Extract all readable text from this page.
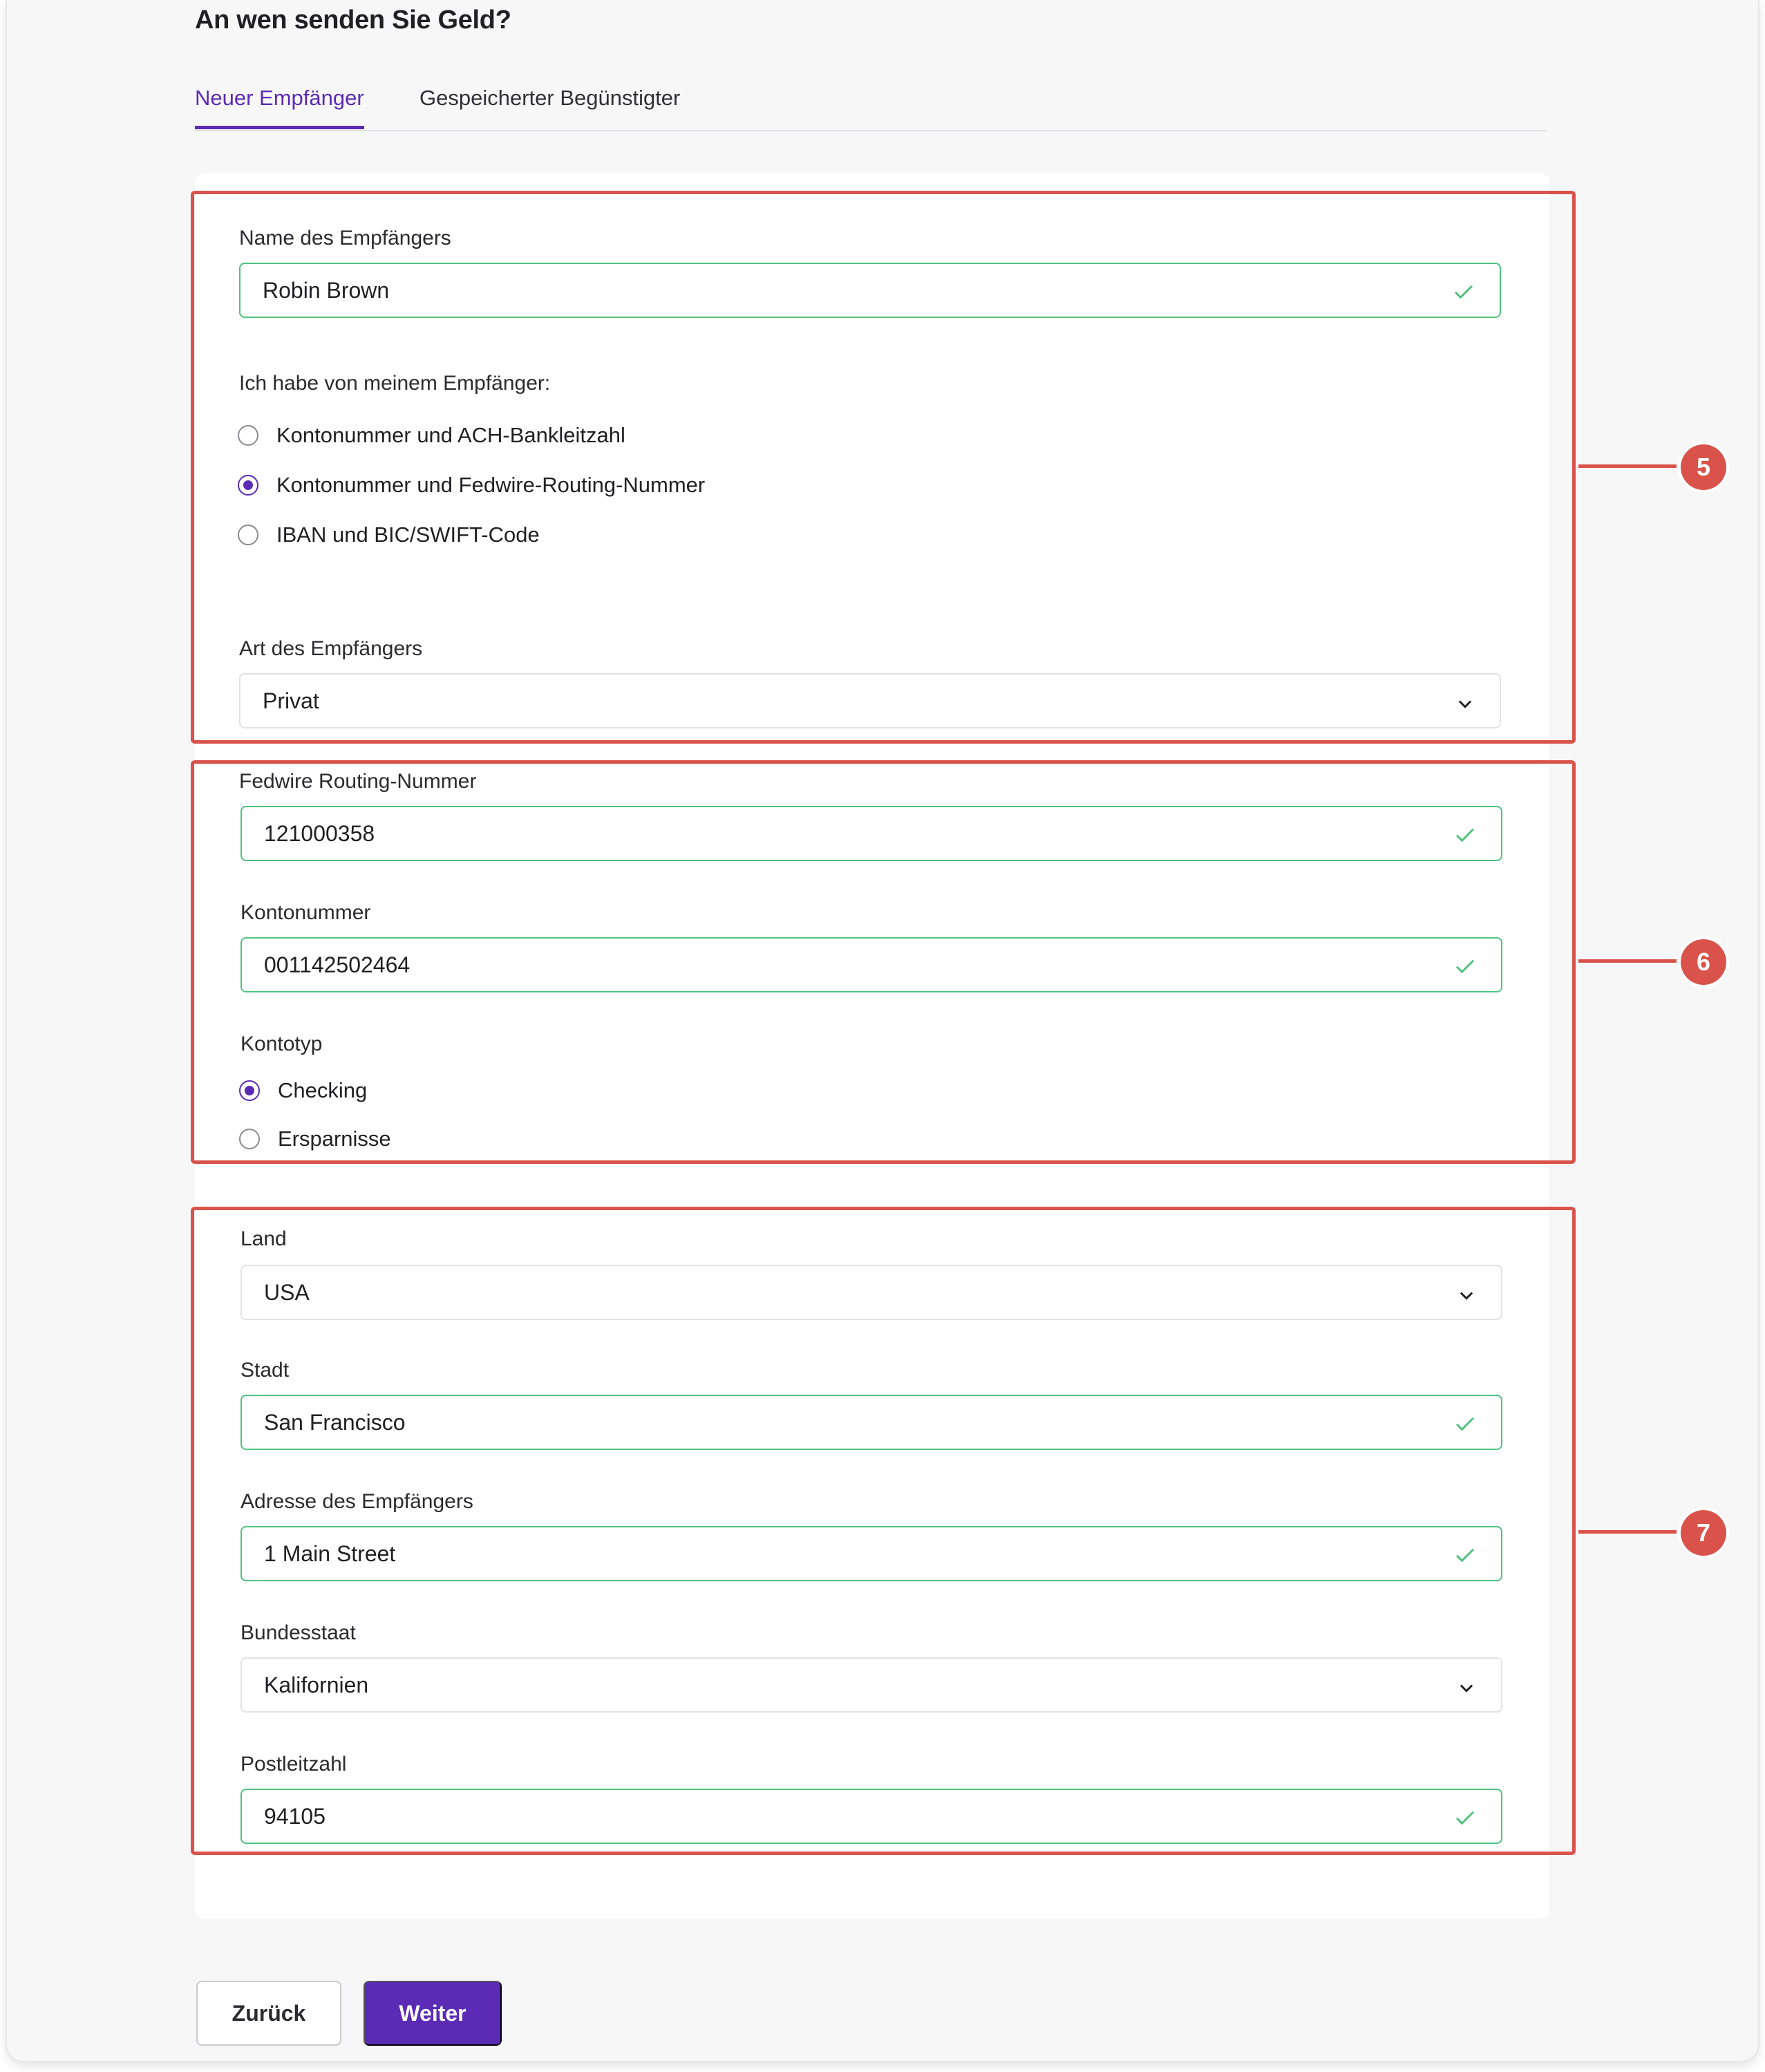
An wen senden Sie Geld?
Neuer Empfänger	Gespeicherter Begünstigter
Name des Empfängers
Robin Brown
Ich habe von meinem Empfänger:
Kontonummer und ACH-Bankleitzahl
Kontonummer und Fedwire-Routing-Nummer
IBAN und BIC/SWIFT-Code
Art des Empfängers
Privat
Fedwire Routing-Nummer
121000358
Kontonummer
001142502464
Kontotyp
Checking
Ersparnisse
Land
USA
Stadt
San Francisco
Adresse des Empfängers
1 Main Street
Bundesstaat
Kalifornien
Postleitzahl
94105
5
6
7
Zurück	Weiter
